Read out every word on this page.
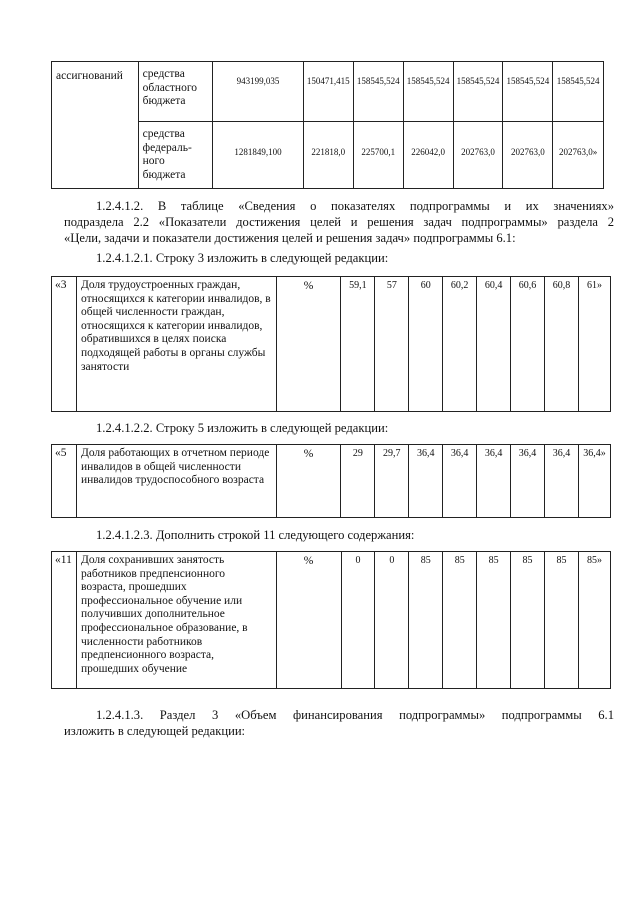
ассигнований	средства областного бюджета	943199,035	150471,415	158545,524	158545,524	158545,524	158545,524	158545,524
	средства федераль-ного бюджета	1281849,100	221818,0	225700,1	226042,0	202763,0	202763,0	202763,0»
1.2.4.1.2. В таблице «Сведения о показателях подпрограммы и их значениях»
подраздела 2.2 «Показатели достижения целей и решения задач подпрограммы» раздела 2
«Цели, задачи и показатели достижения целей и решения задач» подпрограммы 6.1:
1.2.4.1.2.1. Строку 3 изложить в следующей редакции:
«3	Доля трудоустроенных граждан, относящихся к категории инвалидов, в общей численности граждан, относящихся к категории инвалидов, обратившихся в целях поиска подходящей работы в органы службы занятости	%	59,1	57	60	60,2	60,4	60,6	60,8	61»
1.2.4.1.2.2. Строку 5 изложить в следующей редакции:
«5	Доля работающих в отчетном периоде инвалидов в общей численности инвалидов трудоспособного возраста	%	29	29,7	36,4	36,4	36,4	36,4	36,4	36,4»
1.2.4.1.2.3. Дополнить строкой 11 следующего содержания:
«11	Доля сохранивших занятость работников предпенсионного возраста, прошедших профессиональное обучение или получивших дополнительное профессиональное образование, в численности работников предпенсионного возраста, прошедших обучение	%	0	0	85	85	85	85	85	85»
1.2.4.1.3. Раздел 3 «Объем финансирования подпрограммы» подпрограммы 6.1
изложить в следующей редакции:
